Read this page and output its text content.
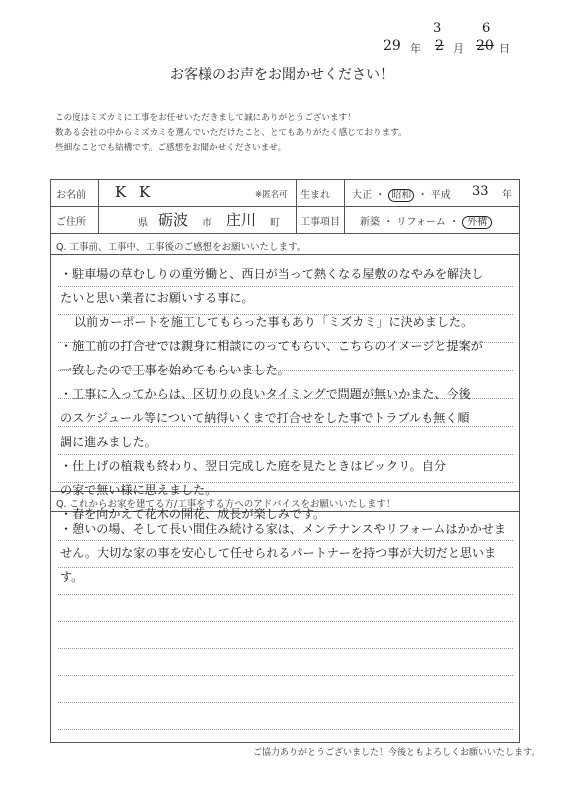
29 年
3
2 月
6
20 日
お客様のお声をお聞かせください！
この度はミズカミに工事をお任せいただきまして誠にありがとうございます！
数ある会社の中からミズカミを選んでいただけたこと、とてもありがたく感じております。
些細なことでも結構です。ご感想をお聞かせくださいませ。
お名前 K K	※匿名可 生まれ 大正 ・ 昭和 ・ 平成 33 年
ご住所	県 砺波 市 庄川 町 工事項目 新築 ・ リフォーム ・ 外構
Q. 工事前、工事中、工事後のご感想をお願いいたします。
・駐車場の草むしりの重労働と、西日が当って熱くなる屋敷のなやみを解決したいと思い業者にお願いする事に。
以前カーポートを施工してもらった事もあり「ミズカミ」に決めました。
・施工前の打合せでは親身に相談にのってもらい、こちらのイメージと提案が一致したので工事を始めてもらいました。
・工事に入ってからは、区切りの良いタイミングで問題が無いかまた、今後のスケジュール等について納得いくまで打合せをした事でトラブルも無く順調に進みました。
・仕上げの植栽も終わり、翌日完成した庭を見たときはビックリ。自分の家で無い様に思えました。
・春を向かえて花木の開花、成長が楽しみです。
Q. これからお家を建てる方/工事をする方へのアドバイスをお願いいたします！
・憩いの場、そして長い間住み続ける家は、メンテナンスやリフォームはかかせません。大切な家の事を安心して任せられるパートナーを持つ事が大切だと思います。
ご協力ありがとうございました！今後ともよろしくお願いいたします。
